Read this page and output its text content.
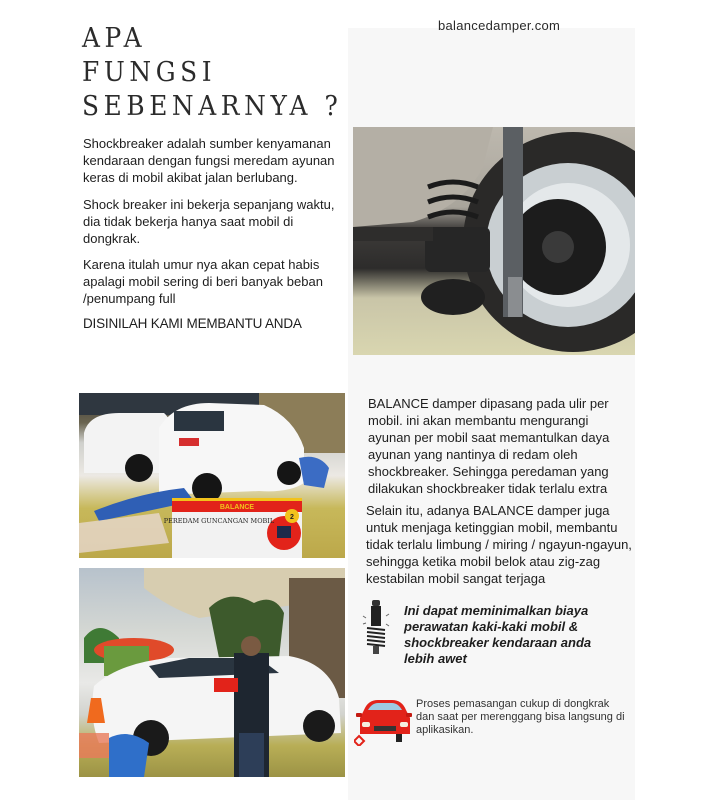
balancedamper.com
APA
FUNGSI
SEBENARNYA ?
Shockbreaker adalah sumber kenyamanan kendaraan dengan fungsi meredam ayunan keras di mobil akibat jalan berlubang.
Shock breaker ini bekerja sepanjang waktu, dia tidak bekerja hanya saat mobil di dongkrak.
Karena itulah umur nya akan cepat habis apalagi mobil sering di beri banyak beban /penumpang full
DISINILAH KAMI MEMBANTU ANDA
BALANCE
PEREDAM GUNCANGAN MOBIL 2
BALANCE damper dipasang pada ulir per mobil. ini akan membantu mengurangi ayunan per mobil saat memantulkan daya ayunan yang nantinya di redam oleh shockbreaker. Sehingga peredaman yang dilakukan shockbreaker tidak terlalu extra
Selain itu, adanya BALANCE damper juga untuk menjaga ketinggian mobil, membantu tidak terlalu limbung / miring / ngayun-ngayun, sehingga ketika mobil belok atau zig-zag kestabilan mobil sangat terjaga
Ini dapat meminimalkan biaya perawatan kaki-kaki mobil & shockbreaker kendaraan anda lebih awet
Proses pemasangan cukup di dongkrak dan saat per merenggang bisa langsung di aplikasikan.
